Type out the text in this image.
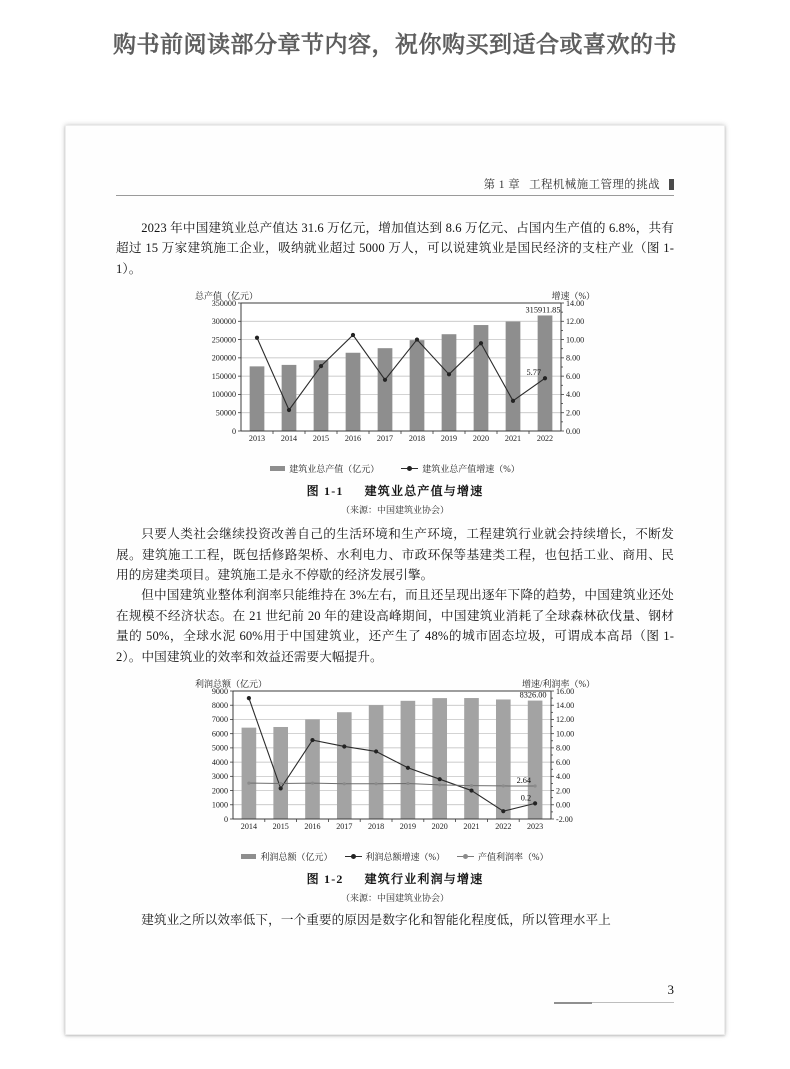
购书前阅读部分章节内容，祝你购买到适合或喜欢的书
第 1 章 工程机械施工管理的挑战

2023 年中国建筑业总产值达 31.6 万亿元，增加值达到 8.6 万亿元、占国内生产值的 6.8%，共有超过 15 万家建筑施工企业，吸纳就业超过 5000 万人，可以说建筑业是国民经济的支柱产业（图 1-1）。

总产值（亿元）	增速（%）
0
50000
100000
150000
200000
250000
300000
350000
0.00
2.00
4.00
6.00
8.00
10.00
12.00
14.00
2013 2014 2015 2016 2017 2018 2019 2020 2021 2022
315911.85
5.77
建筑业总产值（亿元）	建筑业总产值增速（%）
图 1-1 建筑业总产值与增速
（来源：中国建筑业协会）

只要人类社会继续投资改善自己的生活环境和生产环境，工程建筑行业就会持续增长，不断发展。建筑施工工程，既包括修路架桥、水利电力、市政环保等基建类工程，也包括工业、商用、民用的房建类项目。建筑施工是永不停歇的经济发展引擎。

但中国建筑业整体利润率只能维持在 3%左右，而且还呈现出逐年下降的趋势，中国建筑业还处在规模不经济状态。在 21 世纪前 20 年的建设高峰期间，中国建筑业消耗了全球森林砍伐量、钢材量的 50%，全球水泥 60%用于中国建筑业，还产生了 48%的城市固态垃圾，可谓成本高昂（图 1-2）。中国建筑业的效率和效益还需要大幅提升。

利润总额（亿元）	增速/利润率（%）
0
1000
2000
3000
4000
5000
6000
7000
8000
9000
-2.00
0.00
2.00
4.00
6.00
8.00
10.00
12.00
14.00
16.00
2014 2015 2016 2017 2018 2019 2020 2021 2022 2023
8326.00
2.64
0.2
利润总额（亿元）	利润总额增速（%）	产值利润率（%）
图 1-2 建筑行业利润与增速
（来源：中国建筑业协会）

建筑业之所以效率低下，一个重要的原因是数字化和智能化程度低，所以管理水平上

3
